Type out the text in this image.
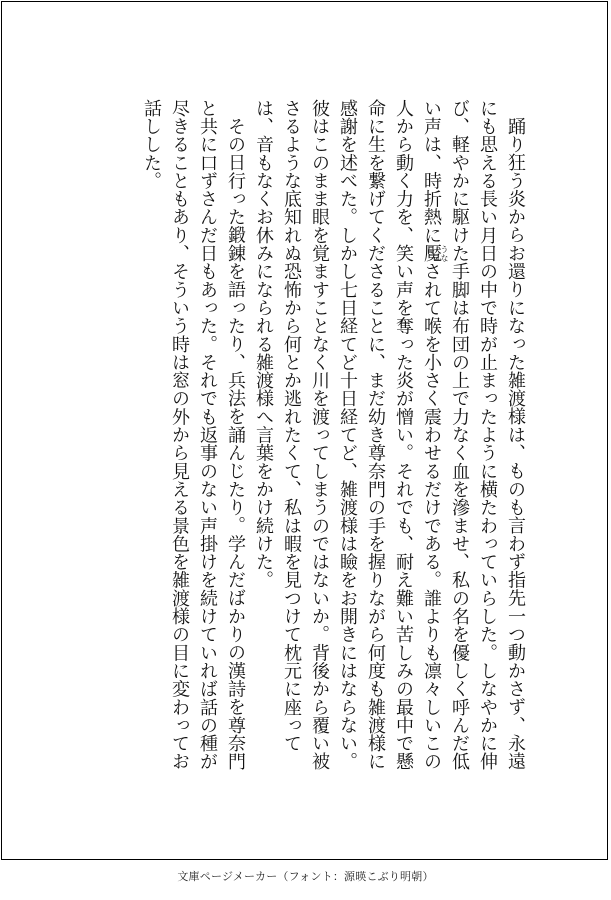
踊り狂う炎からお還りになった雑渡様は、ものも言わず指先一つ動かさず、永遠にも思える長い月日の中で時が止まったように横たわっていらした。しなやかに伸び、軽やかに駆けた手脚は布団の上で力なく血を滲ませ、私の名を優しく呼んだ低い声は、時折熱に魘うなされて喉を小さく震わせるだけである。誰よりも凛々しいこの人から動く力を、笑い声を奪った炎が憎い。それでも、耐え難い苦しみの最中で懸命に生を繋げてくださることに、まだ幼き尊奈門の手を握りながら何度も雑渡様に感謝を述べた。しかし七日経てど十日経てど、雑渡様は瞼をお開きにはならない。彼はこのまま眼を覚ますことなく川を渡ってしまうのではないか。背後から覆い被さるような底知れぬ恐怖から何とか逃れたくて、私は暇を見つけて枕元に座っては、音もなくお休みになられる雑渡様へ言葉をかけ続けた。

その日行った鍛錬を語ったり、兵法を誦んじたり。学んだばかりの漢詩を尊奈門と共に口ずさんだ日もあった。それでも返事のない声掛けを続けていれば話の種が尽きることもあり、そういう時は窓の外から見える景色を雑渡様の目に変わってお話しした。

文庫ページメーカー（フォント：源暎こぶり明朝）
